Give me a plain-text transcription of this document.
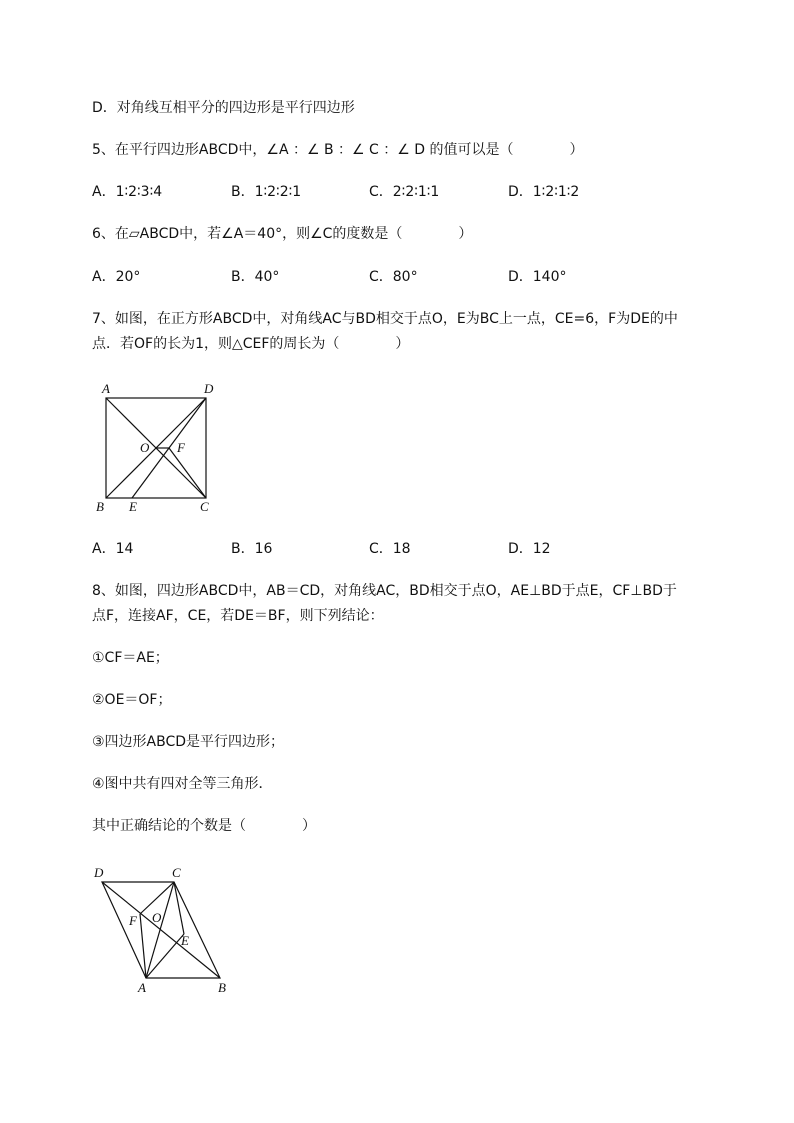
D．对角线互相平分的四边形是平行四边形
5、在平行四边形ABCD中，∠A ：∠ B ：∠ C ：∠ D 的值可以是（　　　　）
A．1∶2∶3∶4	B．1∶2∶2∶1	C．2∶2∶1∶1	D．1∶2∶1∶2
6、在▱ABCD中，若∠A＝40°，则∠C的度数是（　　　　）
A．20°	B．40°	C．80°	D．140°
7、如图，在正方形ABCD中，对角线AC与BD相交于点O，E为BC上一点，CE=6，F为DE的中
点．若OF的长为1，则△CEF的周长为（　　　　）
A	D
B E	C
O F
A．14	B．16	C．18	D．12
8、如图，四边形ABCD中，AB＝CD，对角线AC，BD相交于点O，AE⊥BD于点E，CF⊥BD于
点F，连接AF，CE，若DE＝BF，则下列结论：
①CF＝AE；
②OE＝OF；
③四边形ABCD是平行四边形；
④图中共有四对全等三角形．
其中正确结论的个数是（　　　　）
D	C
F O
E
A	B
